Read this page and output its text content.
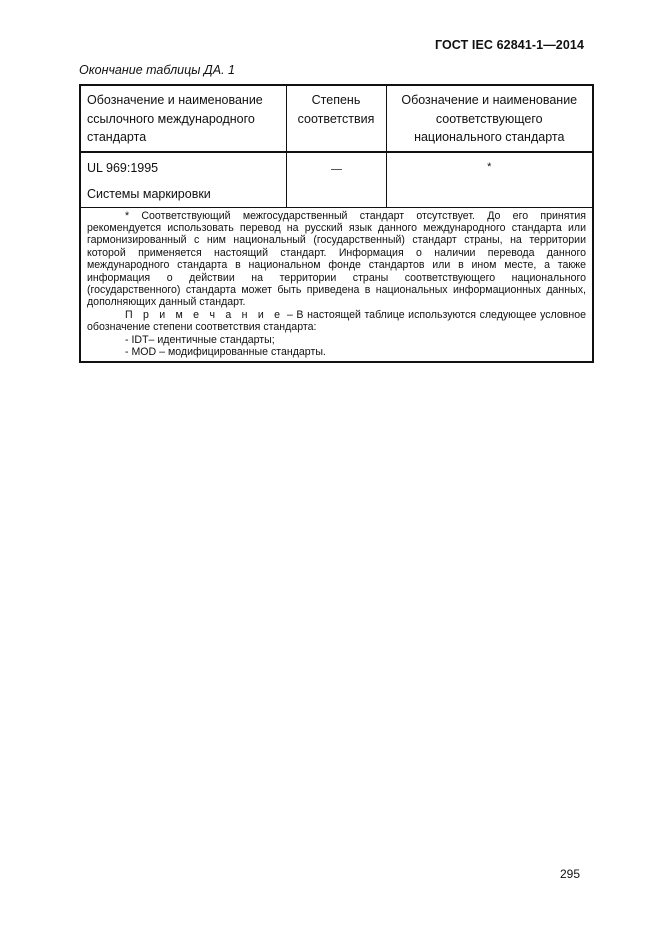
ГОСТ IEC 62841-1—2014
Окончание таблицы ДА. 1
Обозначение и наименование ссылочного международного стандарта	Степень соответствия	Обозначение и наименование соответствующего национального стандарта

UL 969:1995
Системы маркировки		*

* Соответствующий межгосударственный стандарт отсутствует. До его принятия рекомендуется использовать перевод на русский язык данного международного стандарта или гармонизированный с ним национальный (государственный) стандарт страны, на территории которой применяется настоящий стандарт. Информация о наличии перевода данного международного стандарта в национальном фонде стандартов или в ином месте, а также информация о действии на территории страны соответствующего национального (государственного) стандарта может быть приведена в национальных информационных данных, дополняющих данный стандарт.

П р и м е ч а н и е – В настоящей таблице используются следующее условное обозначение степени соответствия стандарта:

- IDT– идентичные стандарты;

- MOD – модифицированные стандарты.		

295
